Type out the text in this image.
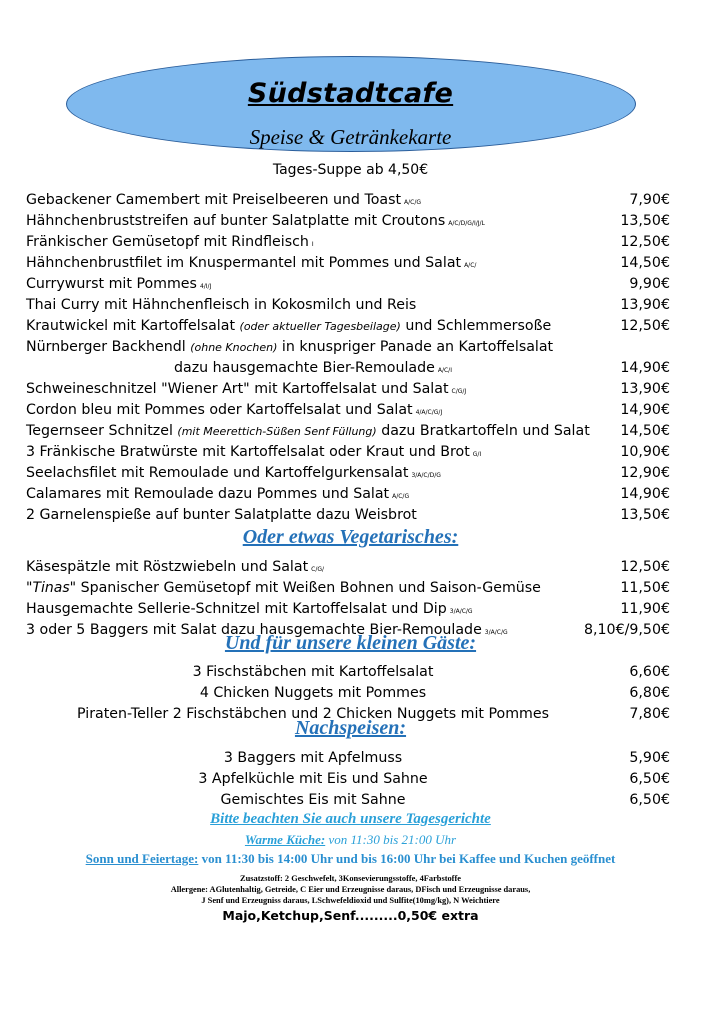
Südstadtcafe
Speise & Getränkekarte
Tages-Suppe ab 4,50€
Gebackener Camembert mit Preiselbeeren und Toast A/C/G	7,90€
Hähnchenbruststreifen auf bunter Salatplatte mit Croutons A/C/D/G/I/J/L	13,50€
Fränkischer Gemüsetopf mit Rindfleisch I	12,50€
Hähnchenbrustfilet im Knuspermantel mit Pommes und Salat A/C/	14,50€
Currywurst mit Pommes 4/I/J	9,90€
Thai Curry mit Hähnchenfleisch in Kokosmilch und Reis	13,90€
Krautwickel mit Kartoffelsalat (oder aktueller Tagesbeilage) und Schlemmersoße	12,50€
Nürnberger Backhendl (ohne Knochen) in knuspriger Panade an Kartoffelsalat
dazu hausgemachte Bier-Remoulade A/C/I	14,90€
Schweineschnitzel "Wiener Art" mit Kartoffelsalat und Salat C/G/J	13,90€
Cordon bleu mit Pommes oder Kartoffelsalat und Salat 4/A/C/G/J	14,90€
Tegernseer Schnitzel (mit Meerettich-Süßen Senf Füllung) dazu Bratkartoffeln und Salat 14,50€
3 Fränkische Bratwürste mit Kartoffelsalat oder Kraut und Brot G/I	10,90€
Seelachsfilet mit Remoulade und Kartoffelgurkensalat 3/A/C/D/G	12,90€
Calamares mit Remoulade dazu Pommes und Salat A/C/G	14,90€
2 Garnelenspieße auf bunter Salatplatte dazu Weisbrot	13,50€
Oder etwas Vegetarisches:
Käsespätzle mit Röstzwiebeln und Salat C/G/	12,50€
"Tinas" Spanischer Gemüsetopf mit Weißen Bohnen und Saison-Gemüse	11,50€
Hausgemachte Sellerie-Schnitzel mit Kartoffelsalat und Dip 3/A/C/G	11,90€
3 oder 5 Baggers mit Salat dazu hausgemachte Bier-Remoulade 3/A/C/G	8,10€/9,50€
Und für unsere kleinen Gäste:
3 Fischstäbchen mit Kartoffelsalat	6,60€
4 Chicken Nuggets mit Pommes	6,80€
Piraten-Teller 2 Fischstäbchen und 2 Chicken Nuggets mit Pommes	7,80€
Nachspeisen:
3 Baggers mit Apfelmuss	5,90€
3 Apfelküchle mit Eis und Sahne	6,50€
Gemischtes Eis mit Sahne	6,50€
Bitte beachten Sie auch unsere Tagesgerichte
Warme Küche: von 11:30 bis 21:00 Uhr
Sonn und Feiertage: von 11:30 bis 14:00 Uhr und bis 16:00 Uhr bei Kaffee und Kuchen geöffnet
Zusatzstoff: 2 Geschwefelt, 3Konsevierungsstoffe, 4Farbstoffe
Allergene: AGlutenhaltig, Getreide, C Eier und Erzeugnisse daraus, DFisch und Erzeugnisse daraus,
J Senf und Erzeugniss daraus, LSchwefeldioxid und Sulfite(10mg/kg), N Weichtiere
Majo,Ketchup,Senf.........0,50€ extra
